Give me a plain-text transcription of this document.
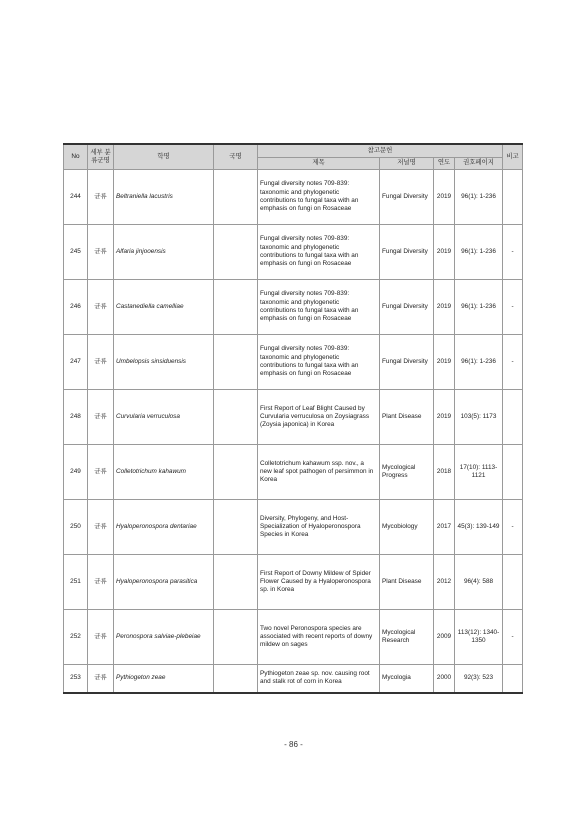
No	세부 분류군명	학명	국명	참고문헌				비고
				제목	저널명	연도	권호페이지	
244	균류	Beltraniella lacustris		Fungal diversity notes 709-839: taxonomic and phylogenetic contributions to fungal taxa with an emphasis on fungi on Rosaceae	Fungal Diversity	2019	96(1): 1-236	
245	균류	Alfaria jinjooensis		Fungal diversity notes 709-839: taxonomic and phylogenetic contributions to fungal taxa with an emphasis on fungi on Rosaceae	Fungal Diversity	2019	96(1): 1-236	-
246	균류	Castanediella camelliae		Fungal diversity notes 709-839: taxonomic and phylogenetic contributions to fungal taxa with an emphasis on fungi on Rosaceae	Fungal Diversity	2019	96(1): 1-236	-
247	균류	Umbelopsis sinsiduensis		Fungal diversity notes 709-839: taxonomic and phylogenetic contributions to fungal taxa with an emphasis on fungi on Rosaceae	Fungal Diversity	2019	96(1): 1-236	-
248	균류	Curvularia verruculosa		First Report of Leaf Blight Caused by Curvularia verruculosa on Zoysiagrass (Zoysia japonica) in Korea	Plant Disease	2019	103(5): 1173	
249	균류	Colletotrichum kahawum		Colletotrichum kahawum ssp. nov., a new leaf spot pathogen of persimmon in Korea	Mycological Progress	2018	17(10): 1113-1121	
250	균류	Hyaloperonospora dentariae		Diversity, Phylogeny, and Host-Specialization of Hyaloperonospora Species in Korea	Mycobiology	2017	45(3): 139-149	-
251	균류	Hyaloperonospora parasitica		First Report of Downy Mildew of Spider Flower Caused by a Hyaloperonospora sp. in Korea	Plant Disease	2012	96(4): 588	
252	균류	Peronospora salviae-plebeiae		Two novel Peronospora species are associated with recent reports of downy mildew on sages	Mycological Research	2009	113(12): 1340-1350	-
253	균류	Pythiogeton zeae		Pythiogeton zeae sp. nov. causing root and stalk rot of corn in Korea	Mycologia	2000	92(3): 523	
- 86 -
